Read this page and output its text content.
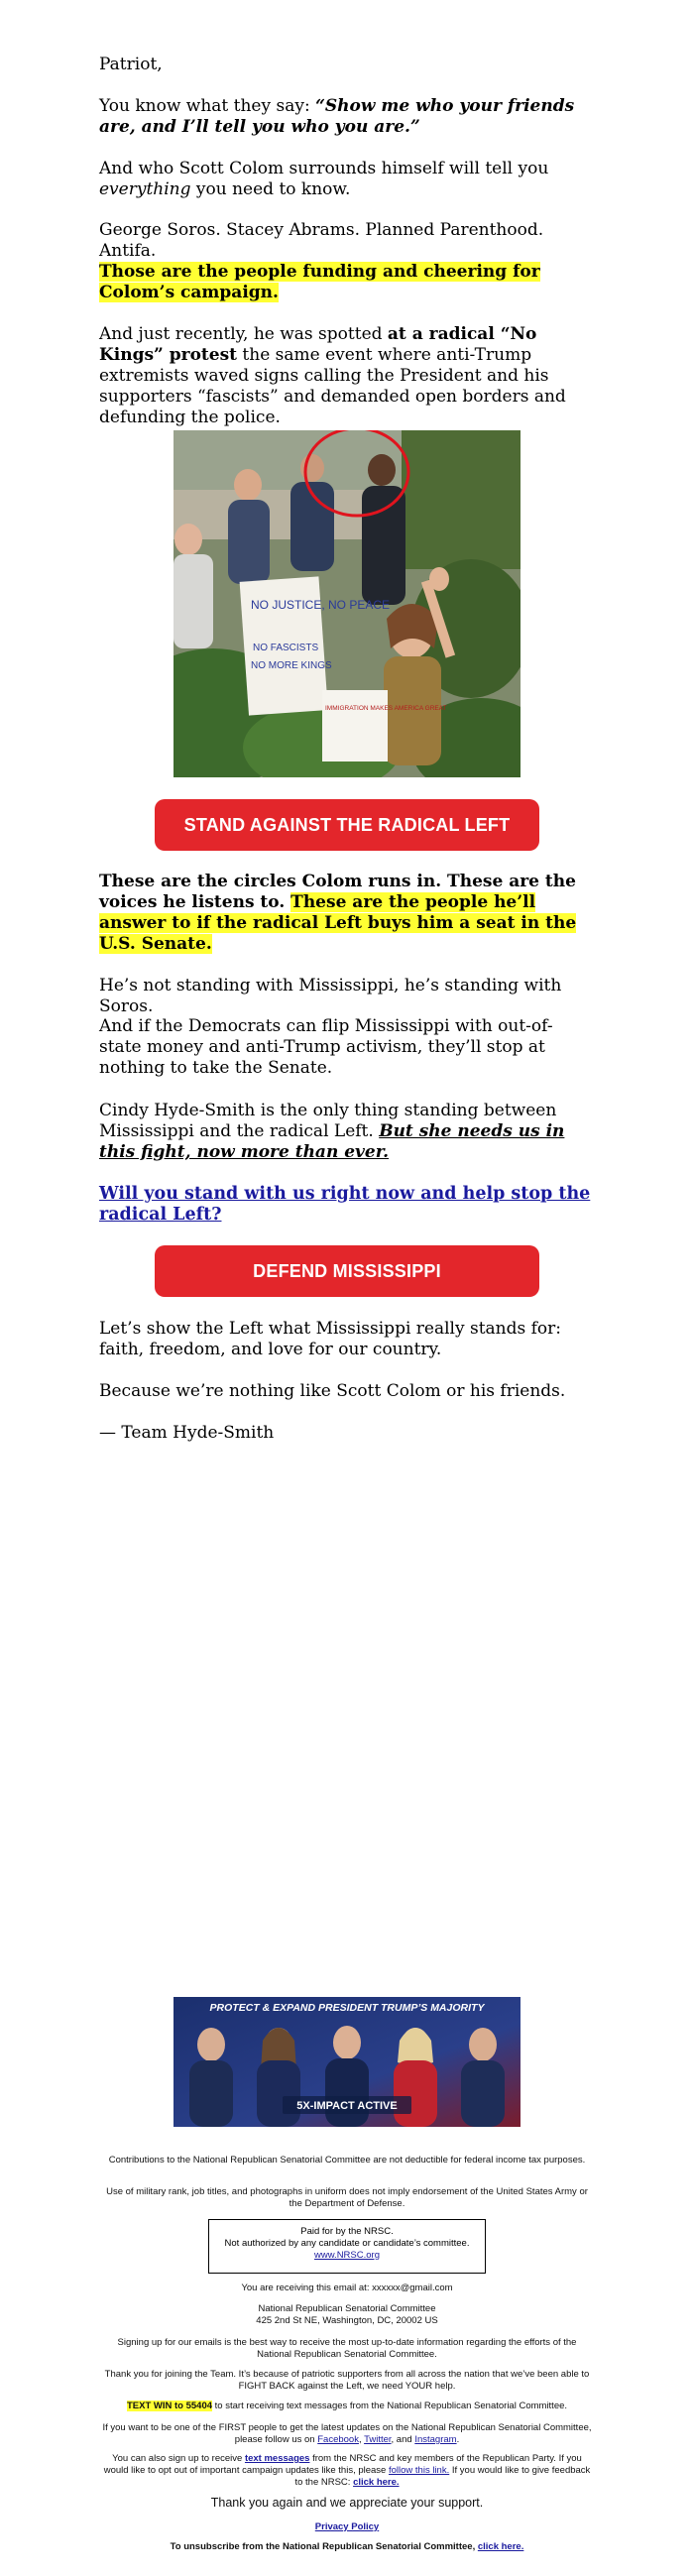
Patriot,

You know what they say: “Show me who your friends are, and I’ll tell you who you are.”

And who Scott Colom surrounds himself will tell you everything you need to know.

George Soros. Stacey Abrams. Planned Parenthood. Antifa.

Those are the people funding and cheering for Colom’s campaign.

And just recently, he was spotted at a radical “No Kings” protest the same event where anti-Trump extremists waved signs calling the President and his supporters “fascists” and demanded open borders and defunding the police.

NO JUSTICE, NO PEACE
NO FASCISTS
NO MORE KINGS
IMMIGRATION MAKES AMERICA GREAT
STAND AGAINST THE RADICAL LEFT

These are the circles Colom runs in. These are the voices he listens to. These are the people he’ll answer to if the radical Left buys him a seat in the U.S. Senate.

He’s not standing with Mississippi, he’s standing with Soros.

And if the Democrats can flip Mississippi with out-of-state money and anti-Trump activism, they’ll stop at nothing to take the Senate.

Cindy Hyde-Smith is the only thing standing between Mississippi and the radical Left. But she needs us in this fight, now more than ever.

Will you stand with us right now and help stop the radical Left?

DEFEND MISSISSIPPI

Let’s show the Left what Mississippi really stands for: faith, freedom, and love for our country.

Because we’re nothing like Scott Colom or his friends.

— Team Hyde-Smith

PROTECT & EXPAND PRESIDENT TRUMP’S MAJORITY
5X-IMPACT ACTIVE
Contributions to the National Republican Senatorial Committee are not deductible for federal income tax purposes.
Use of military rank, job titles, and photographs in uniform does not imply endorsement of the United States Army or the Department of Defense.
Paid for by the NRSC.
Not authorized by any candidate or candidate’s committee.
www.NRSC.org
You are receiving this email at: xxxxxx@gmail.com
National Republican Senatorial Committee
425 2nd St NE, Washington, DC, 20002 US
Signing up for our emails is the best way to receive the most up-to-date information regarding the efforts of the National Republican Senatorial Committee.
Thank you for joining the Team. It’s because of patriotic supporters from all across the nation that we’ve been able to FIGHT BACK against the Left, we need YOUR help.
TEXT WIN to 55404 to start receiving text messages from the National Republican Senatorial Committee.
If you want to be one of the FIRST people to get the latest updates on the National Republican Senatorial Committee, please follow us on Facebook, Twitter, and Instagram.
You can also sign up to receive text messages from the NRSC and key members of the Republican Party. If you would like to opt out of important campaign updates like this, please follow this link. If you would like to give feedback to the NRSC: click here.
Thank you again and we appreciate your support.
Privacy Policy
To unsubscribe from the National Republican Senatorial Committee, click here.
